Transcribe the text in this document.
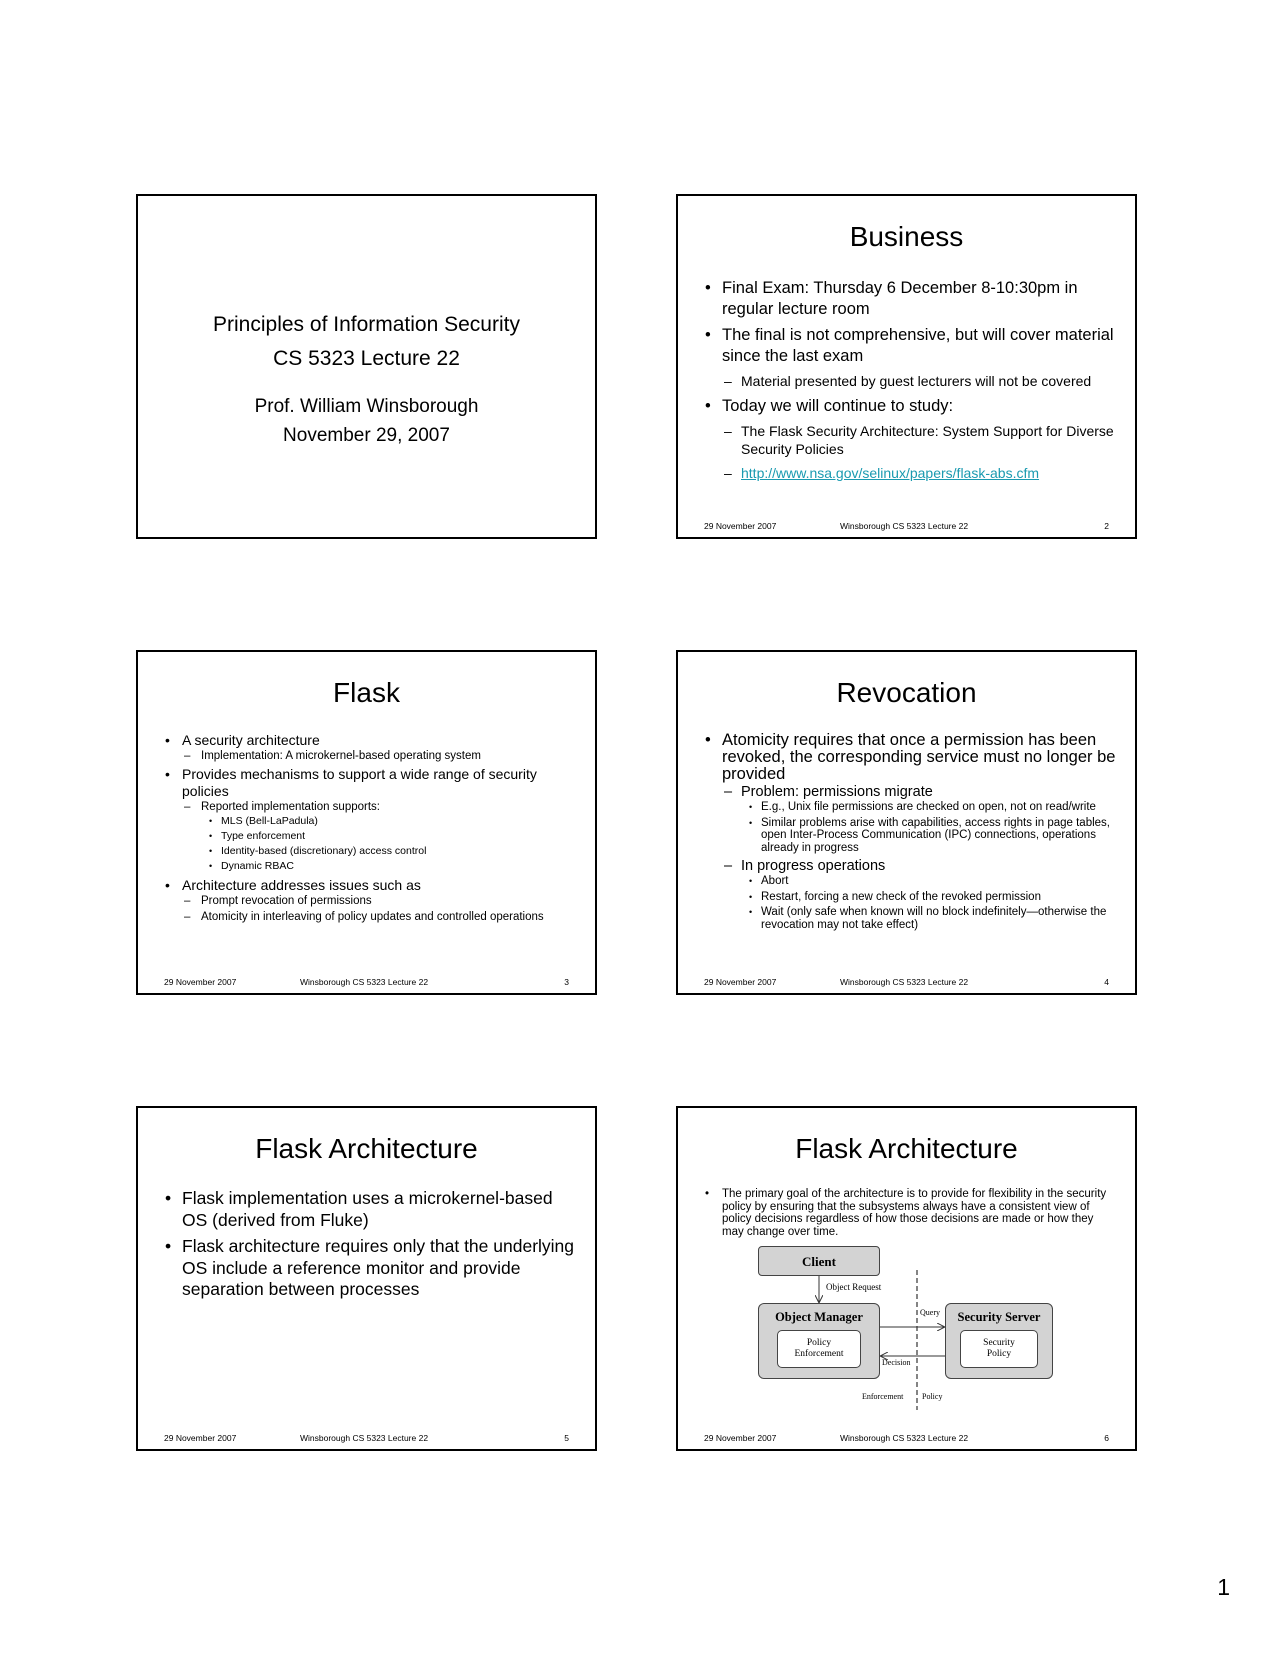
Principles of Information Security
CS 5323 Lecture 22
Prof. William Winsborough
November 29, 2007
Business
• Final Exam: Thursday 6 December 8-10:30pm in regular lecture room
• The final is not comprehensive, but will cover material since the last exam
– Material presented by guest lecturers will not be covered
• Today we will continue to study:
– The Flask Security Architecture: System Support for Diverse Security Policies
– http://www.nsa.gov/selinux/papers/flask-abs.cfm
29 November 2007	Winsborough CS 5323 Lecture 22	2
Flask
• A security architecture
– Implementation: A microkernel-based operating system
• Provides mechanisms to support a wide range of security policies
– Reported implementation supports:
• MLS (Bell-LaPadula)
• Type enforcement
• Identity-based (discretionary) access control
• Dynamic RBAC
• Architecture addresses issues such as
– Prompt revocation of permissions
– Atomicity in interleaving of policy updates and controlled operations
29 November 2007	Winsborough CS 5323 Lecture 22	3
Revocation
• Atomicity requires that once a permission has been revoked, the corresponding service must no longer be provided
– Problem: permissions migrate
• E.g., Unix file permissions are checked on open, not on read/write
• Similar problems arise with capabilities, access rights in page tables, open Inter-Process Communication (IPC) connections, operations already in progress
– In progress operations
• Abort
• Restart, forcing a new check of the revoked permission
• Wait (only safe when known will no block indefinitely—otherwise the revocation may not take effect)
29 November 2007	Winsborough CS 5323 Lecture 22	4
Flask Architecture
• Flask implementation uses a microkernel-based OS (derived from Fluke)
• Flask architecture requires only that the underlying OS include a reference monitor and provide separation between processes
29 November 2007	Winsborough CS 5323 Lecture 22	5
Flask Architecture
• The primary goal of the architecture is to provide for flexibility in the security policy by ensuring that the subsystems always have a consistent view of policy decisions regardless of how those decisions are made or how they may change over time.
Client
Object Request
Object Manager
Policy Enforcement
Security Server
Security Policy
Query
Decision
Enforcement Policy
29 November 2007	Winsborough CS 5323 Lecture 22	6
1
